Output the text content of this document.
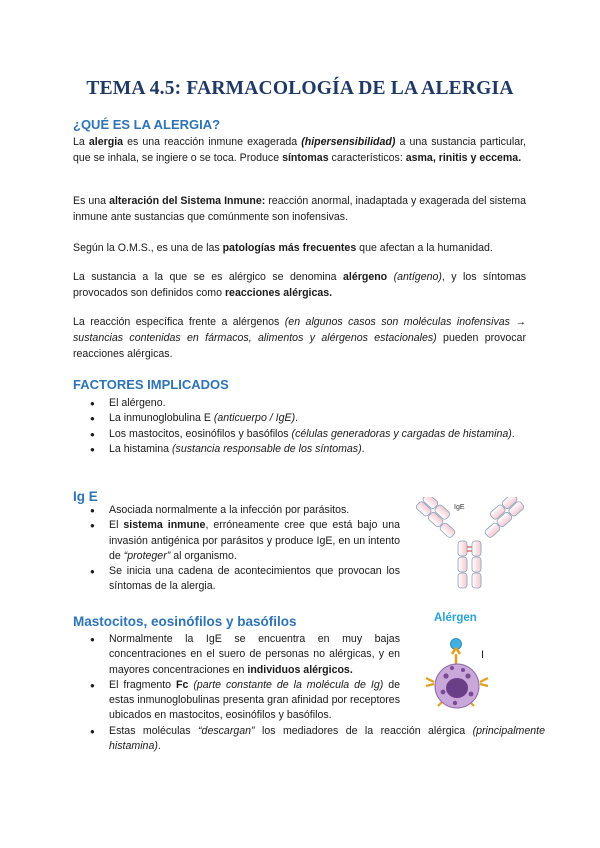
TEMA 4.5: FARMACOLOGÍA DE LA ALERGIA
¿QUÉ ES LA ALERGIA?

La alergia es una reacción inmune exagerada (hipersensibilidad) a una sustancia particular, que se inhala, se ingiere o se toca. Produce síntomas característicos: asma, rinitis y eccema.

Es una alteración del Sistema Inmune: reacción anormal, inadaptada y exagerada del sistema inmune ante sustancias que comúnmente son inofensivas.

Según la O.M.S., es una de las patologías más frecuentes que afectan a la humanidad.

La sustancia a la que se es alérgico se denomina alérgeno (antígeno), y los síntomas provocados son definidos como reacciones alérgicas.

La reacción específica frente a alérgenos (en algunos casos son moléculas inofensivas → sustancias contenidas en fármacos, alimentos y alérgenos estacionales) pueden provocar reacciones alérgicas.

FACTORES IMPLICADOS
● El alérgeno.
● La inmunoglobulina E (anticuerpo / IgE).
● Los mastocitos, eosinófilos y basófilos (células generadoras y cargadas de histamina).
● La histamina (sustancia responsable de los síntomas).
Ig E
● Asociada normalmente a la infección por parásitos.
● El sistema inmune, erróneamente cree que está bajo una invasión antigénica por parásitos y produce IgE, en un intento de “proteger” al organismo.
● Se inicia una cadena de acontecimientos que provocan los síntomas de la alergia.
IgE
Mastocitos, eosinófilos y basófilos
● Normalmente la IgE se encuentra en muy bajas concentraciones en el suero de personas no alérgicas, y en mayores concentraciones en individuos alérgicos.
● El fragmento Fc (parte constante de la molécula de Ig) de estas inmunoglobulinas presenta gran afinidad por receptores ubicados en mastocitos, eosinófilos y basófilos.
● Estas moléculas “descargan” los mediadores de la reacción alérgica (principalmente histamina).
Alérgen
I
